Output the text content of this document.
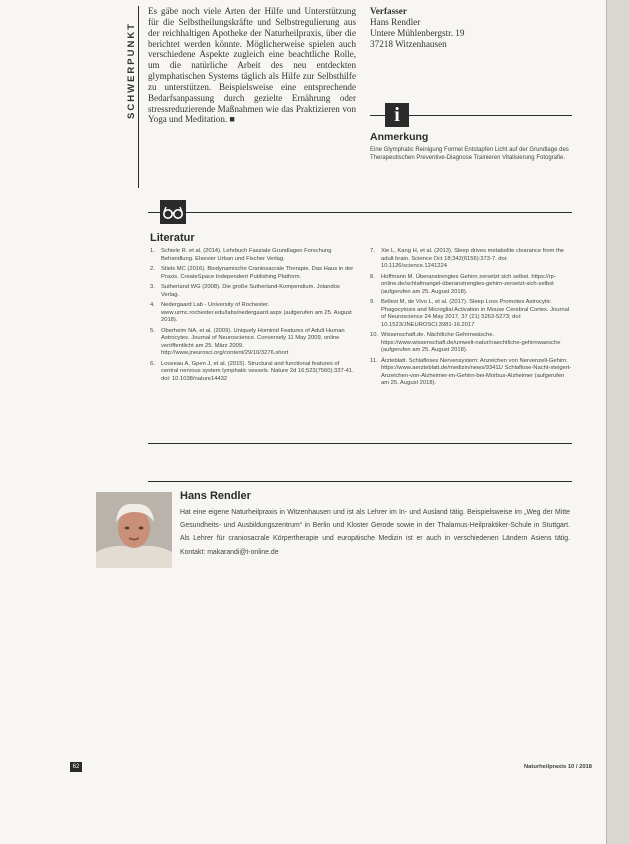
SCHWERPUNKT
Es gäbe noch viele Arten der Hilfe und Unterstützung für die Selbstheilungskräfte und Selbstregulierung aus der reichhaltigen Apotheke der Naturheilpraxis, über die berichtet werden könnte. Möglicherweise spielen auch verschiedene Aspekte zugleich eine beachtliche Rolle, um die natürliche Arbeit des neu entdeckten glymphatischen Systems täglich als Hilfe zur Selbsthilfe zu unterstützen. Beispielsweise eine entsprechende Bedarfsanpassung durch gezielte Ernährung oder stressreduzierende Maßnahmen wie das Praktizieren von Yoga und Meditation. ■
Verfasser
Hans Rendler
Untere Mühlenbergstr. 19
37218 Witzenhausen
i
Anmerkung
Eine Glymphatic Reinigung Formel Entstapfen Licht auf der Grundlage des Therapeutischen Preventive-Diagnose Trainieren Vitalisierung Fotografie.
Literatur
1.	Schiele R. et al. (2014). Lehrbuch Fasziale Grundlagen Forschung Behandlung. Elsevier Urban und Fischer Verlag.
2.	Stiels MC (2016). Biodynamische Craniosacrale Therapie. Das Haus in der Praxis. CreateSpace Independent Publishing Platform.
3.	Sutherland WG (2008). Die große Sutherland-Kompendium. Jolandos Verlag.
4.	Nedergaard Lab - University of Rochester. www.urmc.rochester.edu/labs/nedergaard.aspx (aufgerufen am 25. August 2018).
5.	Oberheim NA, et al. (2009). Uniquely Hominid Features of Adult Human Astrocytes. Journal of Neuroscience. Conversely 11 May 2009, online veröffentlicht am 25. März 2009. http://www.jneurosci.org/content/29/10/3276.short
6.	Louveau A, Gpen J, et al. (2015). Structural and functional features of central nervous system lymphatic vessels. Nature 2d 16;523(7560):337-41. doi: 10.1038/nature14432
7.	Xie L, Kang H, et al. (2013). Sleep drives metabolite clearance from the adult brain. Science Oct 18;342(6156):373-7. doi: 10.1126/science.1241224
8.	Hoffmann M. Überanstrengtes Gehirn zersetzt sich selbst. https://rp-online.de/schlafmangel-überanstrengtes-gehirn-zersetzt-sich-selbst (aufgerufen am 25. August 2018).
9.	Bellesi M, de Vivo L, et al. (2017). Sleep Loss Promotes Astrocytic Phagocytosis and Microglial Activation in Mouse Cerebral Cortex. Journal of Neuroscience 24 May 2017, 37 (21) 5263-5273; doi: 10.1523/JNEUROSCI.3981-16.2017
10. Wissenschaft.de. Nächtliche Gehirnwäsche. https://www.wissenschaft.de/umwelt-natur/naechtliche-gehirnwaesche (aufgerufen am 25. August 2018).
11. Ärzteblatt. Schlafloses Nervensystem: Anzeichen von Nervenzell-Gehirn. https://www.aerzteblatt.de/medizin/news/93411/ Schlaflose-Nacht-steigert-Anzeichen-von-Alzheimer-im-Gehirn-bei-Morbus-Alzheimer (aufgerufen am 25. August 2018).
Hans Rendler
Hat eine eigene Naturheilpraxis in Witzenhausen und ist als Lehrer im In- und Ausland tätig. Beispielsweise im „Weg der Mitte Gesundheits- und Ausbildungszentrum“ in Berlin und Kloster Gerode sowie in der Thalamus-Heilpraktiker-Schule in Stuttgart. Als Lehrer für craniosacrale Körpertherapie und europäische Medizin ist er auch in verschiedenen Ländern Asiens tätig. Kontakt: makarandi@t-online.de
62	Naturheilpraxis 10 / 2018
